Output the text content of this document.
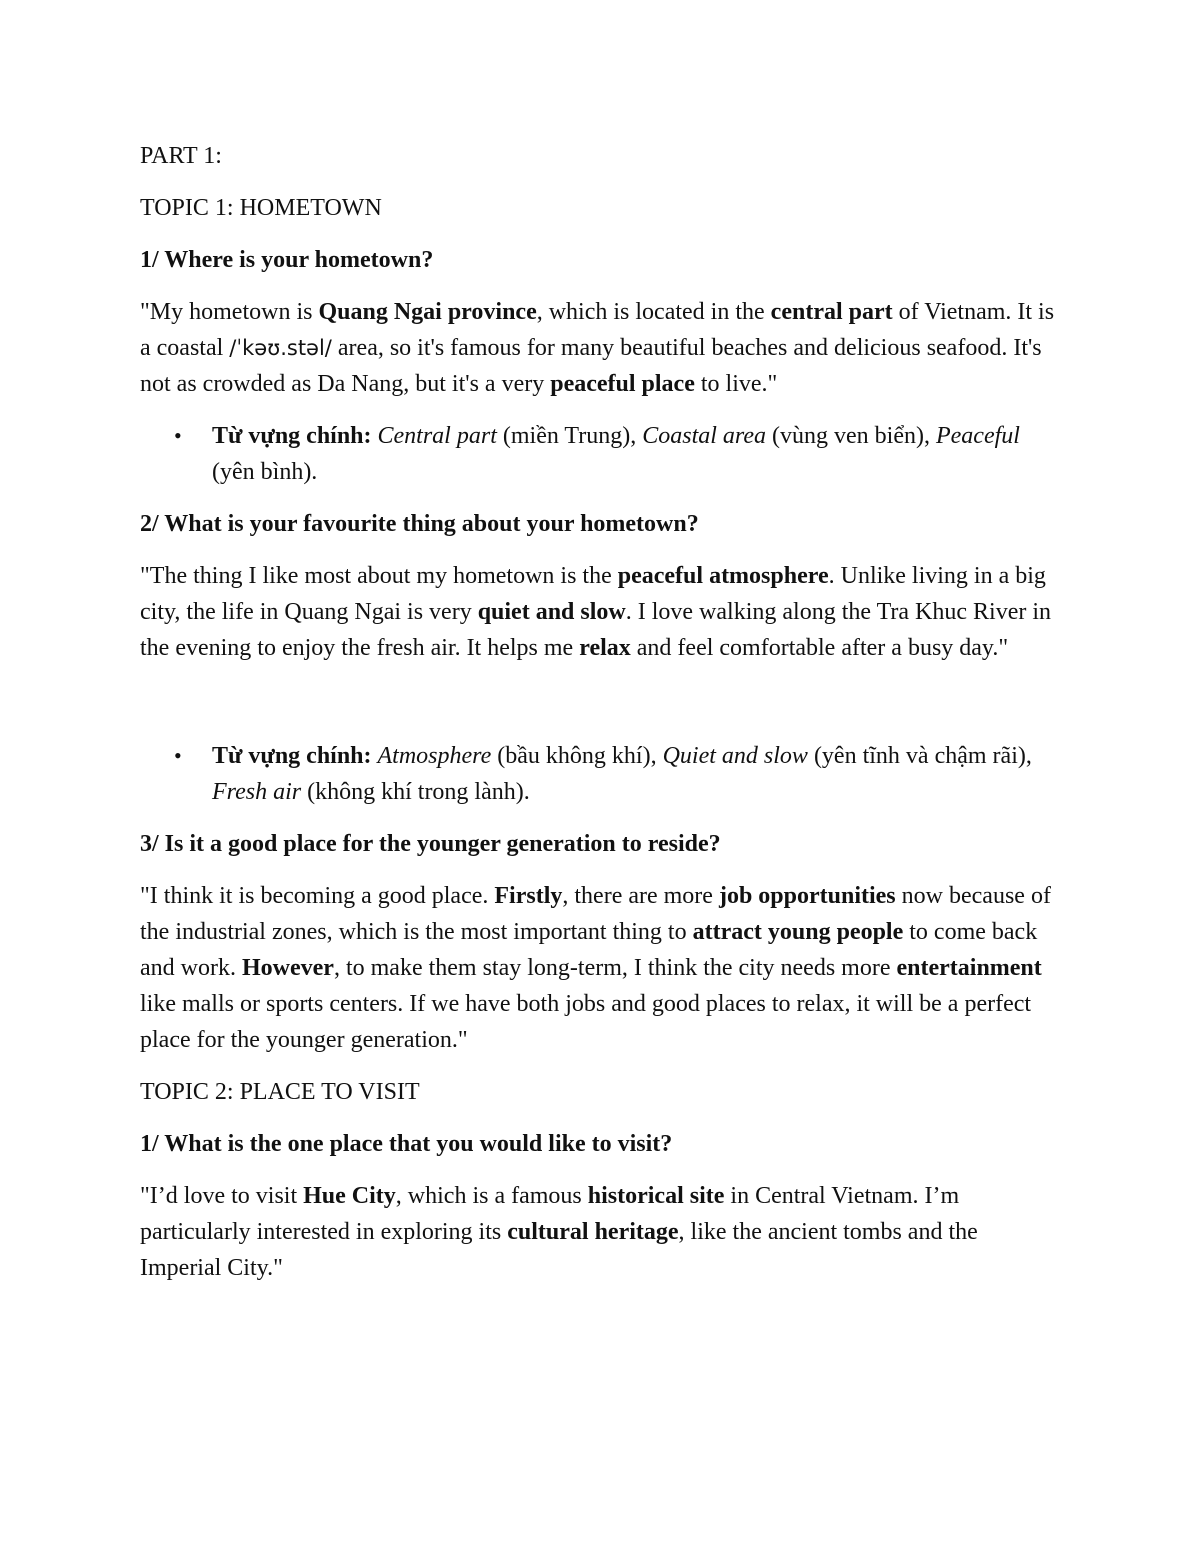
PART 1:

TOPIC 1: HOMETOWN

1/ Where is your hometown?

"My hometown is Quang Ngai province, which is located in the central part of Vietnam. It is a coastal /ˈkəʊ.stəl/ area, so it's famous for many beautiful beaches and delicious seafood. It's not as crowded as Da Nang, but it's a very peaceful place to live."

• Từ vựng chính: Central part (miền Trung), Coastal area (vùng ven biển), Peaceful (yên bình).

2/ What is your favourite thing about your hometown?

"The thing I like most about my hometown is the peaceful atmosphere. Unlike living in a big city, the life in Quang Ngai is very quiet and slow. I love walking along the Tra Khuc River in the evening to enjoy the fresh air. It helps me relax and feel comfortable after a busy day."

• Từ vựng chính: Atmosphere (bầu không khí), Quiet and slow (yên tĩnh và chậm rãi), Fresh air (không khí trong lành).

3/ Is it a good place for the younger generation to reside?

"I think it is becoming a good place. Firstly, there are more job opportunities now because of the industrial zones, which is the most important thing to attract young people to come back and work. However, to make them stay long-term, I think the city needs more entertainment like malls or sports centers. If we have both jobs and good places to relax, it will be a perfect place for the younger generation."

TOPIC 2: PLACE TO VISIT

1/ What is the one place that you would like to visit?

"I’d love to visit Hue City, which is a famous historical site in Central Vietnam. I’m particularly interested in exploring its cultural heritage, like the ancient tombs and the Imperial City."
